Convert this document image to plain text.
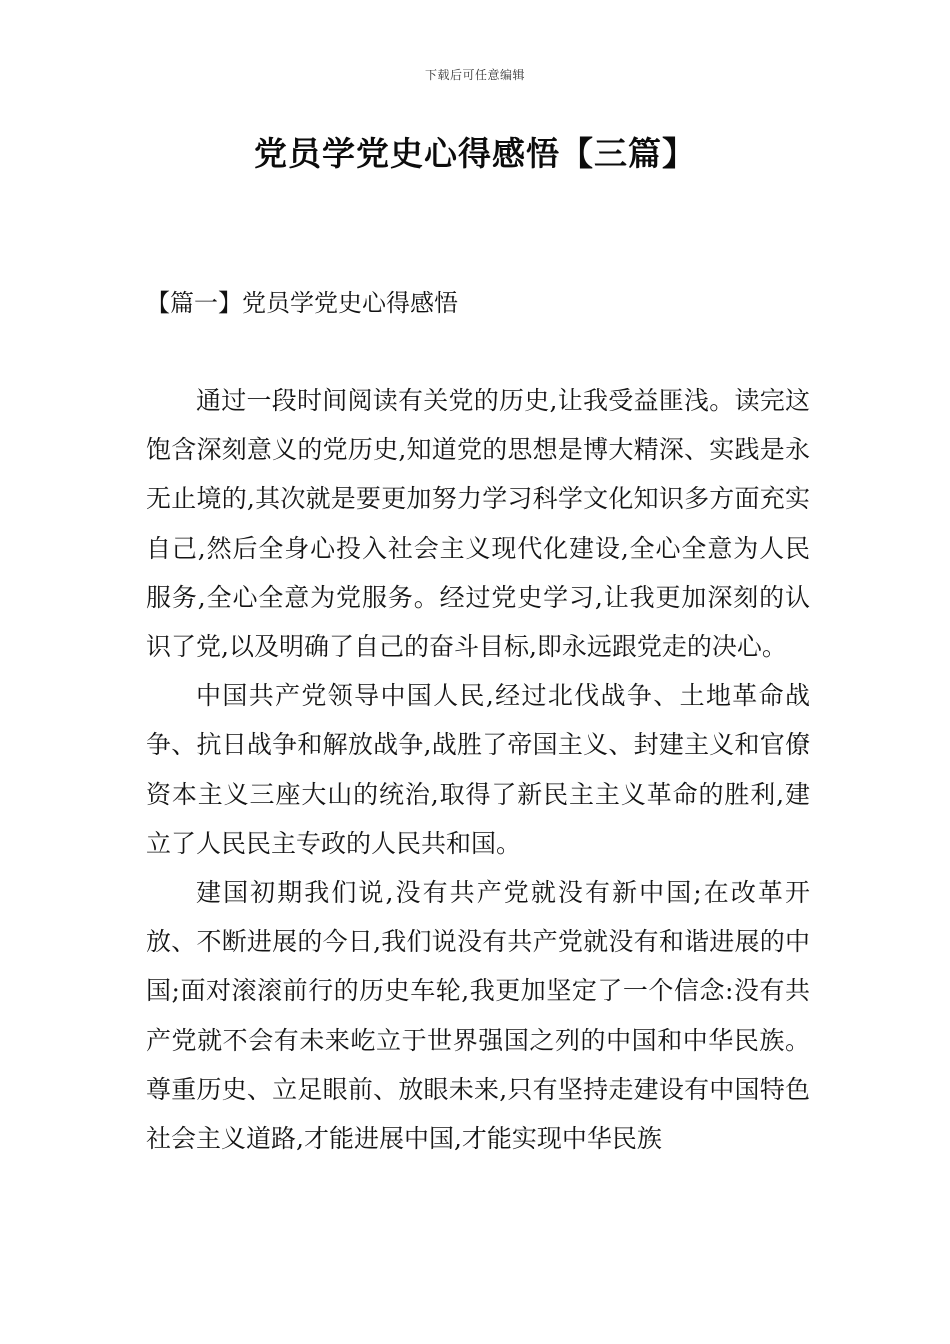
下载后可任意编辑
党员学党史心得感悟【三篇】
【篇一】党员学党史心得感悟

通过一段时间阅读有关党的历史,让我受益匪浅。读完这饱含深刻意义的党历史,知道党的思想是博大精深、实践是永无止境的,其次就是要更加努力学习科学文化知识多方面充实自己,然后全身心投入社会主义现代化建设,全心全意为人民服务,全心全意为党服务。经过党史学习,让我更加深刻的认识了党,以及明确了自己的奋斗目标,即永远跟党走的决心。

中国共产党领导中国人民,经过北伐战争、土地革命战争、抗日战争和解放战争,战胜了帝国主义、封建主义和官僚资本主义三座大山的统治,取得了新民主主义革命的胜利,建立了人民民主专政的人民共和国。

建国初期我们说,没有共产党就没有新中国;在改革开放、不断进展的今日,我们说没有共产党就没有和谐进展的中国;面对滚滚前行的历史车轮,我更加坚定了一个信念:没有共产党就不会有未来屹立于世界强国之列的中国和中华民族。尊重历史、立足眼前、放眼未来,只有坚持走建设有中国特色社会主义道路,才能进展中国,才能实现中华民族
